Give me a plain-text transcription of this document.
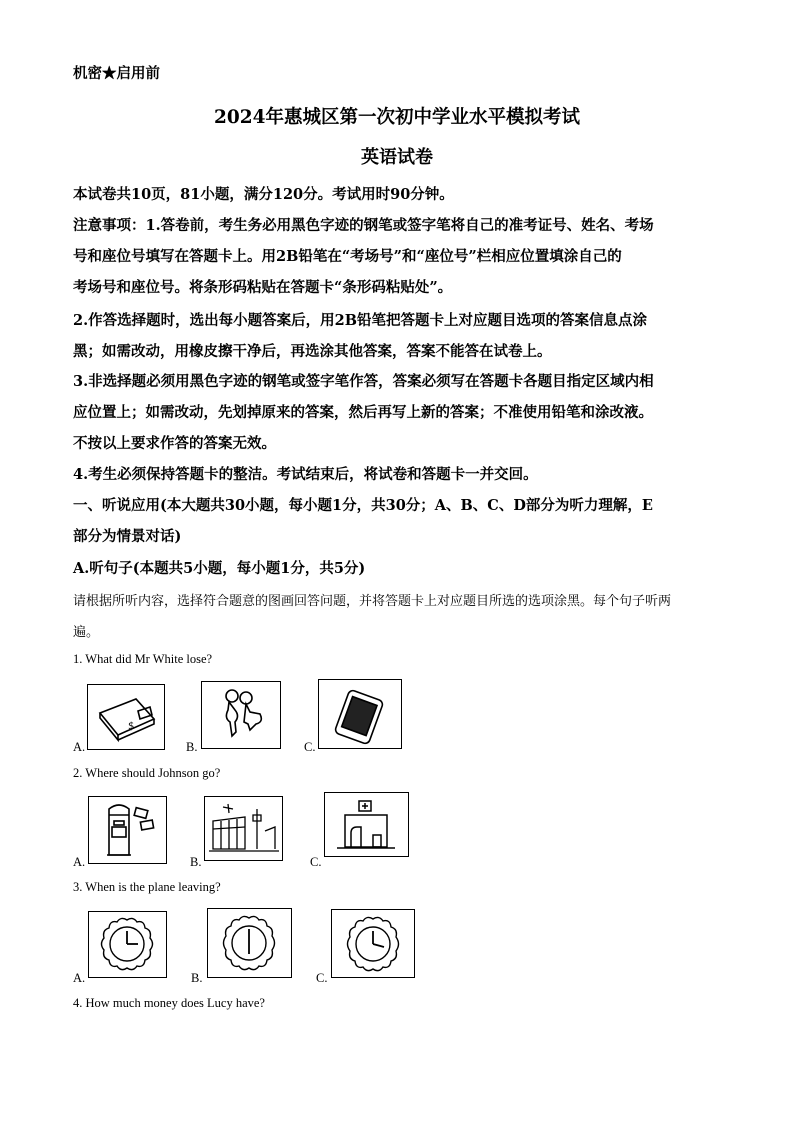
机密★启用前
2024年惠城区第一次初中学业水平模拟考试
英语试卷
本试卷共10页，81小题，满分120分。考试用时90分钟。
注意事项：1.答卷前，考生务必用黑色字迹的钢笔或签字笔将自己的准考证号、姓名、考场
号和座位号填写在答题卡上。用2B铅笔在“考场号”和“座位号”栏相应位置填涂自己的
考场号和座位号。将条形码粘贴在答题卡“条形码粘贴处”。
2.作答选择题时，选出每小题答案后，用2B铅笔把答题卡上对应题目选项的答案信息点涂
黑；如需改动，用橡皮擦干净后，再选涂其他答案，答案不能答在试卷上。
3.非选择题必须用黑色字迹的钢笔或签字笔作答，答案必须写在答题卡各题目指定区域内相
应位置上；如需改动，先划掉原来的答案，然后再写上新的答案；不准使用铅笔和涂改液。
不按以上要求作答的答案无效。
4.考生必须保持答题卡的整洁。考试结束后，将试卷和答题卡一并交回。
一、听说应用(本大题共30小题，每小题1分，共30分；A、B、C、D部分为听力理解，E
部分为情景对话)
A.听句子(本题共5小题，每小题1分，共5分)
请根据所听内容，选择符合题意的图画回答问题，并将答题卡上对应题目所选的选项涂黑。每个句子听两
遍。
1. What did Mr White lose?
A.
$
B.	C.
2. Where should Johnson go?
A.	B.	C.
3. When is the plane leaving?
A.	B.	C.
4. How much money does Lucy have?
